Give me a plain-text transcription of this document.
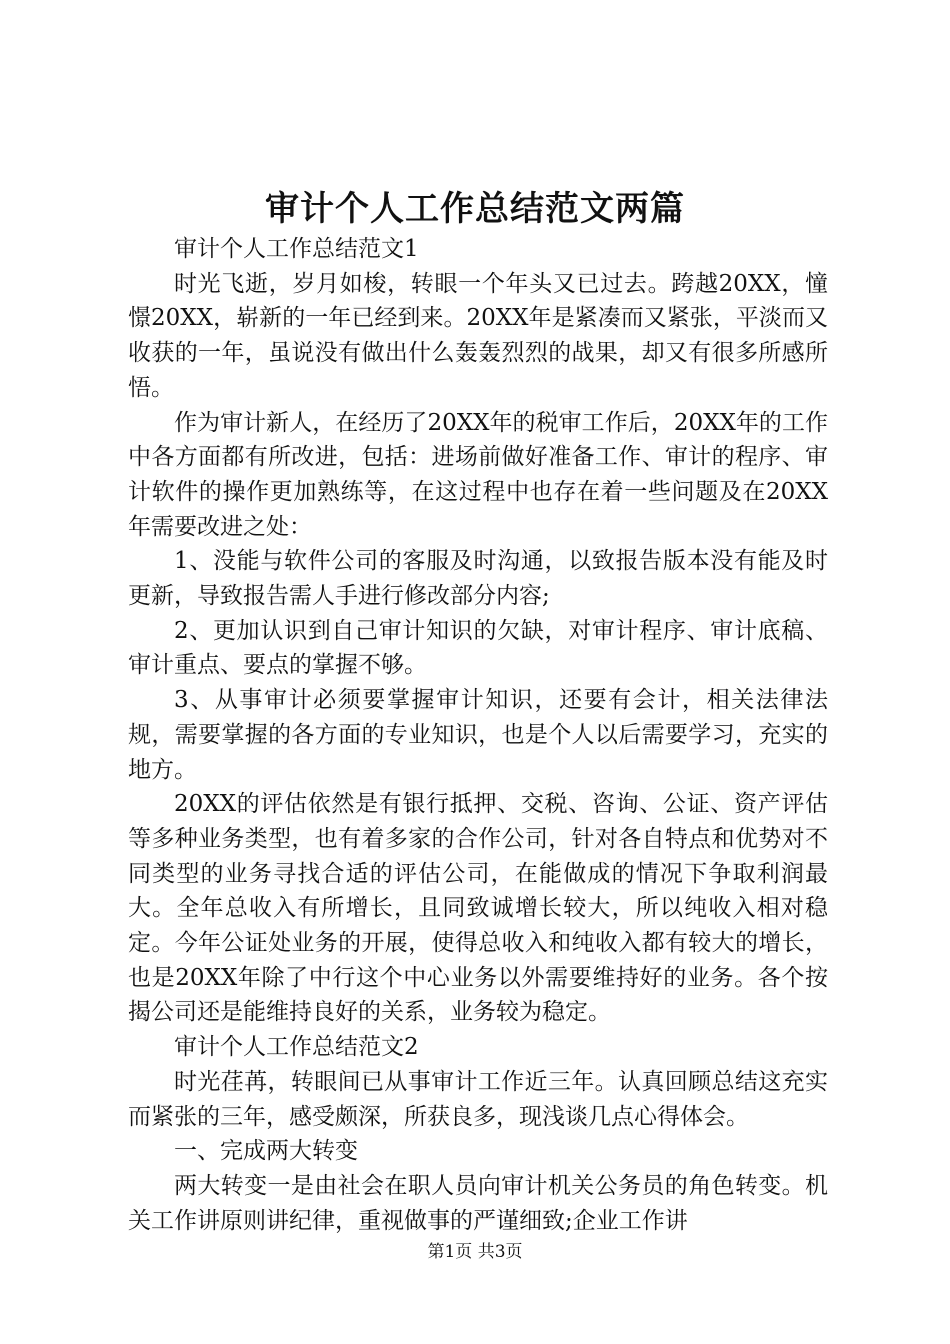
审计个人工作总结范文两篇

审计个人工作总结范文1

时光飞逝，岁月如梭，转眼一个年头又已过去。跨越20XX，憧憬20XX，崭新的一年已经到来。20XX年是紧凑而又紧张，平淡而又收获的一年，虽说没有做出什么轰轰烈烈的战果，却又有很多所感所悟。

作为审计新人，在经历了20XX年的税审工作后，20XX年的工作中各方面都有所改进，包括：进场前做好准备工作、审计的程序、审计软件的操作更加熟练等，在这过程中也存在着一些问题及在20XX年需要改进之处：

1、没能与软件公司的客服及时沟通，以致报告版本没有能及时更新，导致报告需人手进行修改部分内容;

2、更加认识到自己审计知识的欠缺，对审计程序、审计底稿、审计重点、要点的掌握不够。

3、从事审计必须要掌握审计知识，还要有会计，相关法律法规，需要掌握的各方面的专业知识，也是个人以后需要学习，充实的地方。

20XX的评估依然是有银行抵押、交税、咨询、公证、资产评估等多种业务类型，也有着多家的合作公司，针对各自特点和优势对不同类型的业务寻找合适的评估公司，在能做成的情况下争取利润最大。全年总收入有所增长，且同致诚增长较大，所以纯收入相对稳定。今年公证处业务的开展，使得总收入和纯收入都有较大的增长，也是20XX年除了中行这个中心业务以外需要维持好的业务。各个按揭公司还是能维持良好的关系，业务较为稳定。

审计个人工作总结范文2

时光荏苒，转眼间已从事审计工作近三年。认真回顾总结这充实而紧张的三年，感受颇深，所获良多，现浅谈几点心得体会。

一、完成两大转变

两大转变一是由社会在职人员向审计机关公务员的角色转变。机关工作讲原则讲纪律，重视做事的严谨细致;企业工作讲

第1页 共3页
